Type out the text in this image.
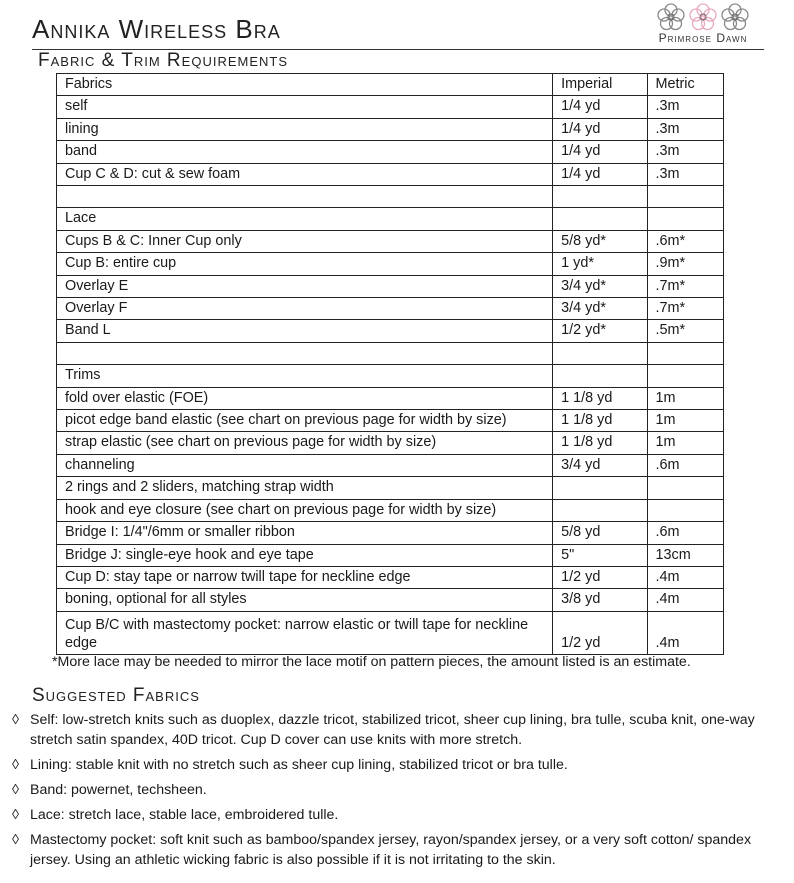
Annika Wireless Bra
Fabric & Trim Requirements
Primrose Dawn
Fabrics	Imperial	Metric
self	1/4 yd	.3m
lining	1/4 yd	.3m
band	1/4 yd	.3m
Cup C & D: cut & sew foam	1/4 yd	.3m

Lace		
Cups B & C: Inner Cup only	5/8 yd*	.6m*
Cup B: entire cup	1 yd*	.9m*
Overlay E	3/4 yd*	.7m*
Overlay F	3/4 yd*	.7m*
Band L	1/2 yd*	.5m*

Trims		
fold over elastic (FOE)	1 1/8 yd	1m
picot edge band elastic (see chart on previous page for width by size)	1 1/8 yd	1m
strap elastic (see chart on previous page for width by size)	1 1/8 yd	1m
channeling	3/4 yd	.6m
2 rings and 2 sliders, matching strap width		
hook and eye closure (see chart on previous page for width by size)		
Bridge I: 1/4"/6mm or smaller ribbon	5/8 yd	.6m
Bridge J: single-eye hook and eye tape	5"	13cm
Cup D: stay tape or narrow twill tape for neckline edge	1/2 yd	.4m
boning, optional for all styles	3/8 yd	.4m
Cup B/C with mastectomy pocket: narrow elastic or twill tape for neckline edge	1/2 yd	.4m
*More lace may be needed to mirror the lace motif on pattern pieces, the amount listed is an estimate.
Suggested Fabrics
◊ Self: low-stretch knits such as duoplex, dazzle tricot, stabilized tricot, sheer cup lining, bra tulle, scuba knit, one-way stretch satin spandex, 40D tricot. Cup D cover can use knits with more stretch.
◊ Lining: stable knit with no stretch such as sheer cup lining, stabilized tricot or bra tulle.
◊ Band: powernet, techsheen.
◊ Lace: stretch lace, stable lace, embroidered tulle.
◊ Mastectomy pocket: soft knit such as bamboo/spandex jersey, rayon/spandex jersey, or a very soft cotton/ spandex jersey. Using an athletic wicking fabric is also possible if it is not irritating to the skin.
